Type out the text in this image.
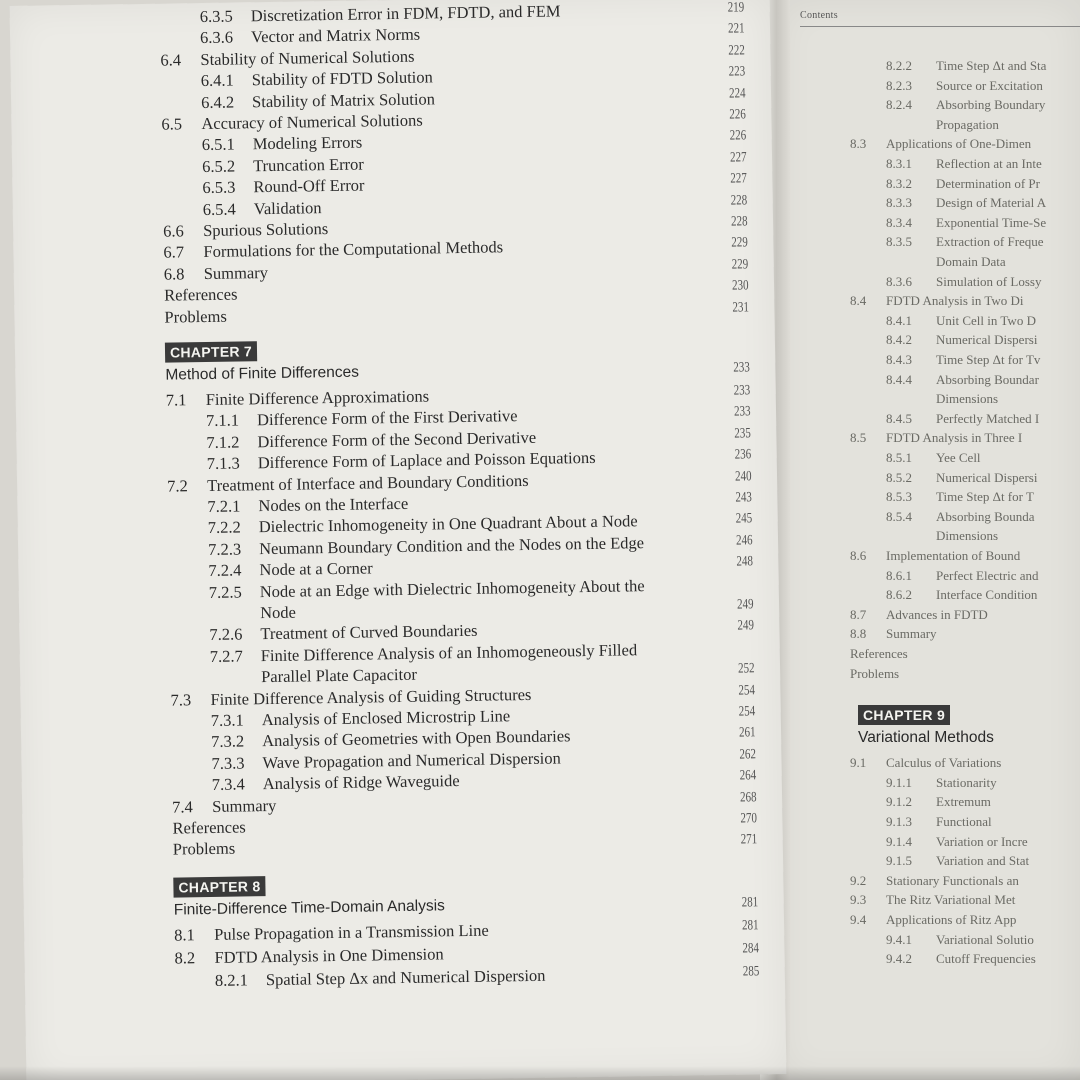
Contents
8.2.2 Time Step Δt and Sta
8.2.3 Source or Excitation
8.2.4 Absorbing Boundary
Propagation
8.3 Applications of One-Dimen
8.3.1 Reflection at an Inte
8.3.2 Determination of Pr
8.3.3 Design of Material A
8.3.4 Exponential Time-Se
8.3.5 Extraction of Freque
Domain Data
8.3.6 Simulation of Lossy
8.4 FDTD Analysis in Two Di
8.4.1 Unit Cell in Two D
8.4.2 Numerical Dispersi
8.4.3 Time Step Δt for Tv
8.4.4 Absorbing Boundar
Dimensions
8.4.5 Perfectly Matched I
8.5 FDTD Analysis in Three I
8.5.1 Yee Cell
8.5.2 Numerical Dispersi
8.5.3 Time Step Δt for T
8.5.4 Absorbing Bounda
Dimensions
8.6 Implementation of Bound
8.6.1 Perfect Electric and
8.6.2 Interface Condition
8.7 Advances in FDTD
8.8 Summary
References
Problems
CHAPTER 9
Variational Methods
9.1 Calculus of Variations
9.1.1 Stationarity
9.1.2 Extremum
9.1.3 Functional
9.1.4 Variation or Incre
9.1.5 Variation and Stat
9.2 Stationary Functionals an
9.3 The Ritz Variational Met
9.4 Applications of Ritz App
9.4.1 Variational Solutio
9.4.2 Cutoff Frequencies
6.3.5 Discretization Error in FDM, FDTD, and FEM	219
6.3.6 Vector and Matrix Norms	221
6.4 Stability of Numerical Solutions	222
6.4.1 Stability of FDTD Solution	223
6.4.2 Stability of Matrix Solution	224
6.5 Accuracy of Numerical Solutions	226
6.5.1 Modeling Errors	226
6.5.2 Truncation Error	227
6.5.3 Round-Off Error	227
6.5.4 Validation	228
6.6 Spurious Solutions	228
6.7 Formulations for the Computational Methods	229
6.8 Summary	229
References	230
Problems	231
CHAPTER 7
Method of Finite Differences	233
7.1 Finite Difference Approximations	233
7.1.1 Difference Form of the First Derivative	233
7.1.2 Difference Form of the Second Derivative	235
7.1.3 Difference Form of Laplace and Poisson Equations	236
7.2 Treatment of Interface and Boundary Conditions	240
7.2.1 Nodes on the Interface	243
7.2.2 Dielectric Inhomogeneity in One Quadrant About a Node	245
7.2.3 Neumann Boundary Condition and the Nodes on the Edge	246
7.2.4 Node at a Corner	248
7.2.5 Node at an Edge with Dielectric Inhomogeneity About the
Node	249
7.2.6 Treatment of Curved Boundaries	249
7.2.7 Finite Difference Analysis of an Inhomogeneously Filled
Parallel Plate Capacitor	252
7.3 Finite Difference Analysis of Guiding Structures	254
7.3.1 Analysis of Enclosed Microstrip Line	254
7.3.2 Analysis of Geometries with Open Boundaries	261
7.3.3 Wave Propagation and Numerical Dispersion	262
7.3.4 Analysis of Ridge Waveguide	264
7.4 Summary	268
References	270
Problems	271
CHAPTER 8
Finite-Difference Time-Domain Analysis	281
8.1 Pulse Propagation in a Transmission Line	281
8.2 FDTD Analysis in One Dimension	284
8.2.1 Spatial Step Δx and Numerical Dispersion	285
